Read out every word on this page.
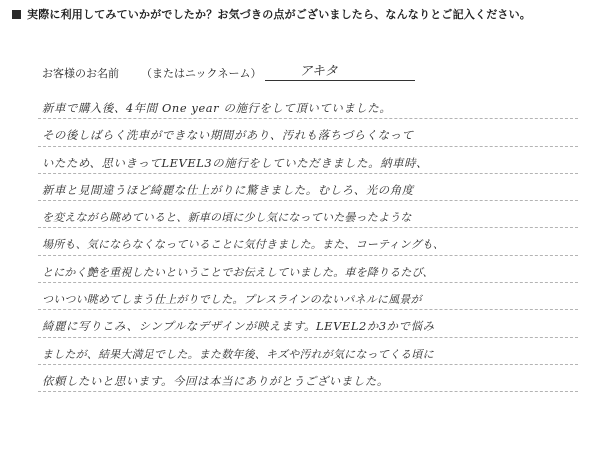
実際に利用してみていかがでしたか？お気づきの点がございましたら、なんなりとご記入ください。
お客様のお名前 （またはニックネーム）	アキタ
新車で購入後、4年間 One year の施行をして頂いていました。
その後しばらく洗車ができない期間があり、汚れも落ちづらくなって
いたため、思いきってLEVEL3の施行をしていただきました。納車時、
新車と見間違うほど綺麗な仕上がりに驚きました。むしろ、光の角度
を変えながら眺めていると、新車の頃に少し気になっていた曇ったような
場所も、気にならなくなっていることに気付きました。また、コーティングも、
とにかく艶を重視したいということでお伝えしていました。車を降りるたび、
ついつい眺めてしまう仕上がりでした。プレスラインのないパネルに風景が
綺麗に写りこみ、シンプルなデザインが映えます。LEVEL2か3かで悩み
ましたが、結果大満足でした。また数年後、キズや汚れが気になってくる頃に
依頼したいと思います。今回は本当にありがとうございました。
